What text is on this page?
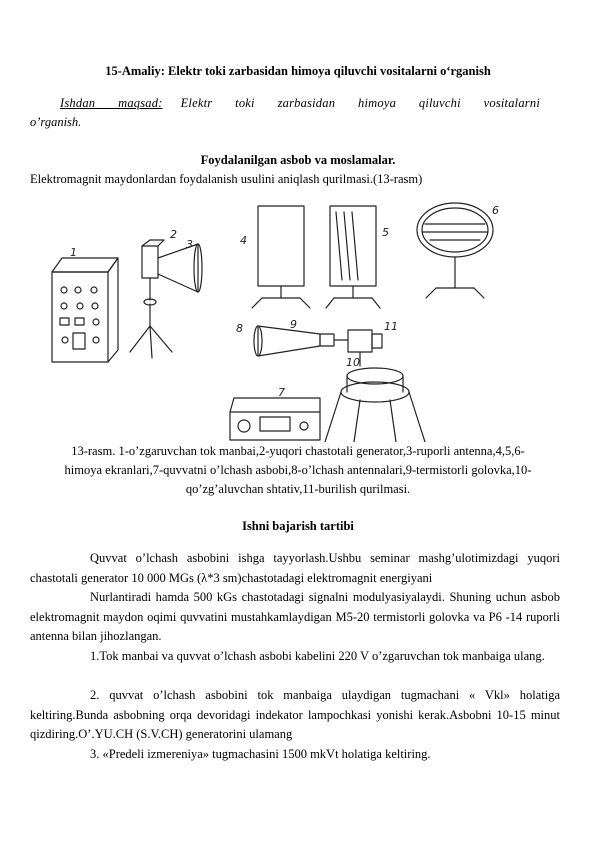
15-Amaliy: Elektr toki zarbasidan himoya qiluvchi vositalarni o‘rganish
Ishdan maqsad: Elektr toki zarbasidan himoya qiluvchi vositalarni
o’rganish.
Foydalanilgan asbob va moslamalar.
Elektromagnit maydonlardan foydalanish usulini aniqlash qurilmasi.(13-rasm)
1
2
3	4
5
6
7
8	9
10
11
13-rasm. 1-o’zgaruvchan tok manbai,2-yuqori chastotali generator,3-ruporli antenna,4,5,6-himoya ekranlari,7-quvvatni o’lchash asbobi,8-o’lchash antennalari,9-termistorli golovka,10-qo’zg’aluvchan shtativ,11-burilish qurilmasi.
Ishni bajarish tartibi
Quvvat o’lchash asbobini ishga tayyorlash.Ushbu seminar mashg’ulotimizdagi yuqori chastotali generator 10 000 MGs (λ*3 sm)chastotadagi elektromagnit energiyani
Nurlantiradi hamda 500 kGs chastotadagi signalni modulyasiyalaydi. Shuning uchun asbob elektromagnit maydon oqimi quvvatini mustahkamlaydigan M5-20 termistorli golovka va P6 -14 ruporli antenna bilan jihozlangan.
1.Tok manbai va quvvat o’lchash asbobi kabelini 220 V o’zgaruvchan tok manbaiga ulang.
2. quvvat o’lchash asbobini tok manbaiga ulaydigan tugmachani « Vkl» holatiga keltiring.Bunda asbobning orqa devoridagi indekator lampochkasi yonishi kerak.Asbobni 10-15 minut qizdiring.O’.YU.CH (S.V.CH) generatorini ulamang
3. «Predeli izmereniya» tugmachasini 1500 mkVt holatiga keltiring.
